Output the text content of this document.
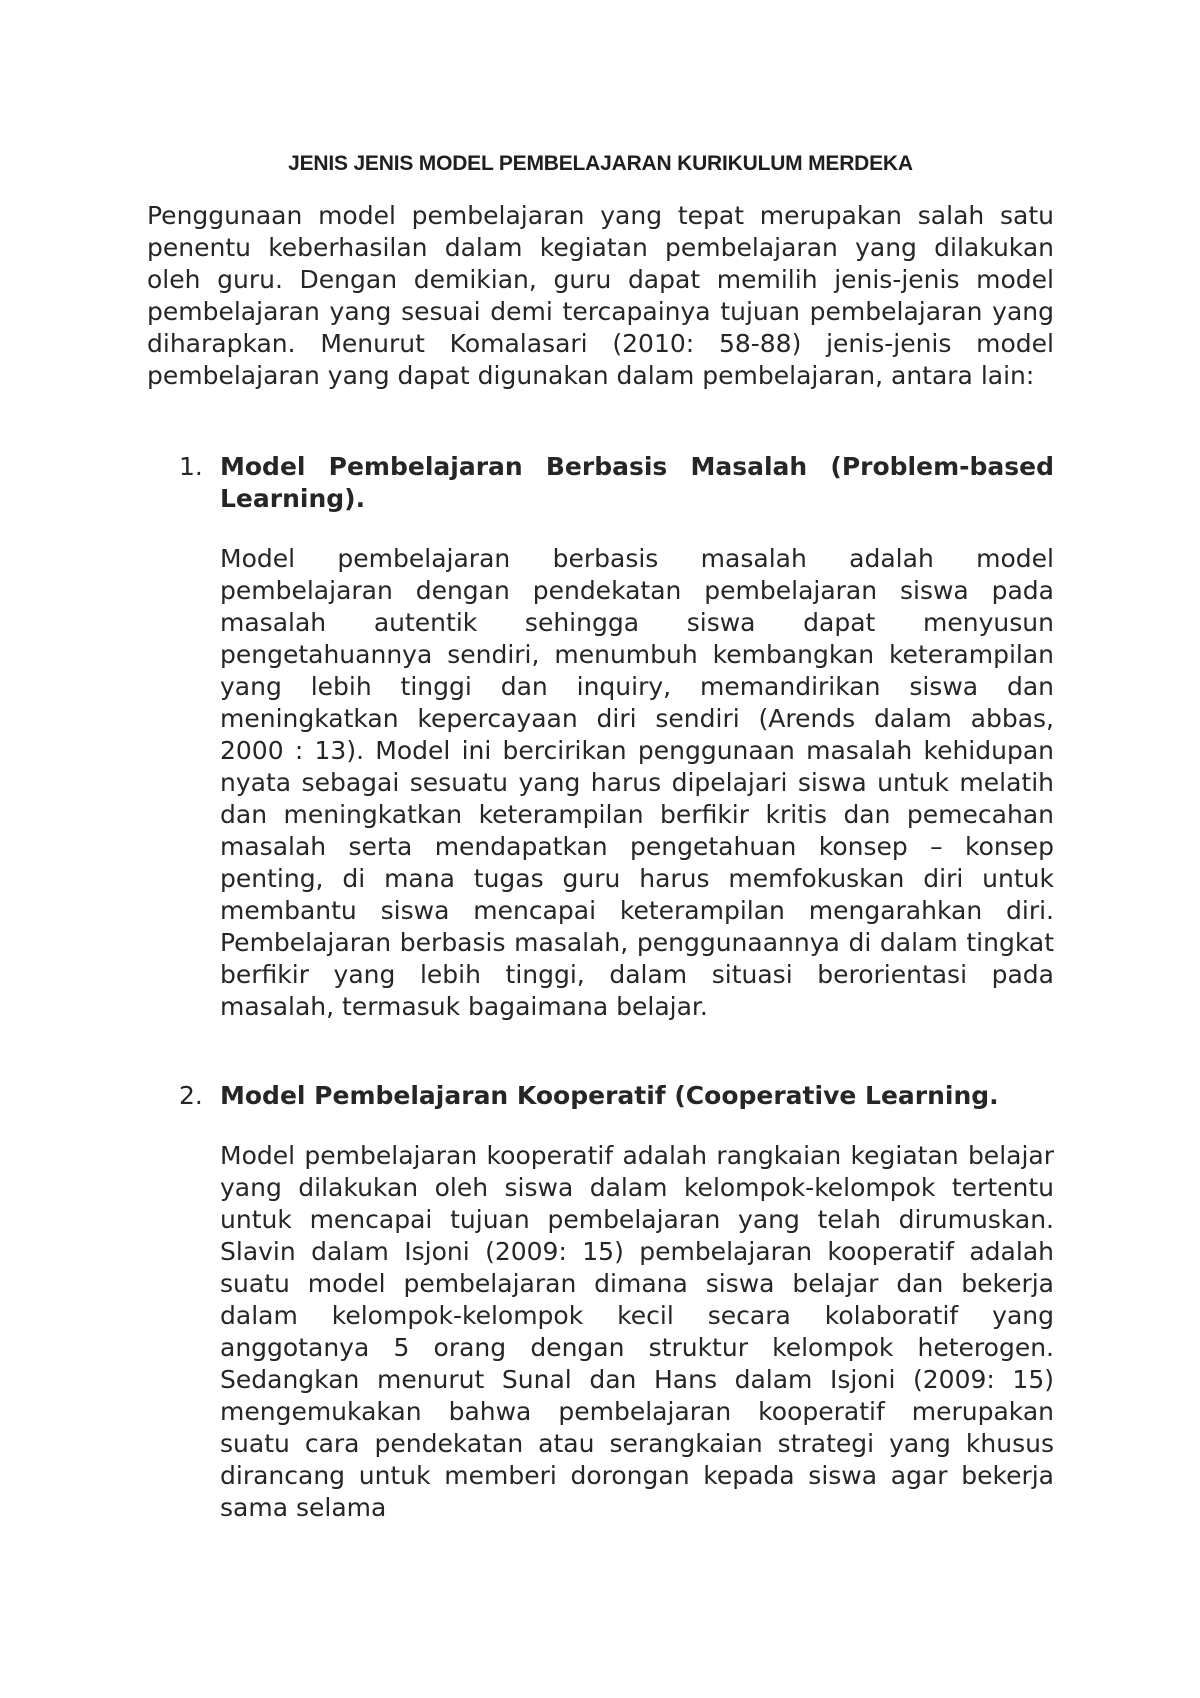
JENIS JENIS MODEL PEMBELAJARAN KURIKULUM MERDEKA

Penggunaan model pembelajaran yang tepat merupakan salah satu penentu keberhasilan dalam kegiatan pembelajaran yang dilakukan oleh guru. Dengan demikian, guru dapat memilih jenis-jenis model pembelajaran yang sesuai demi tercapainya tujuan pembelajaran yang diharapkan. Menurut Komalasari (2010: 58-88) jenis-jenis model pembelajaran yang dapat digunakan dalam pembelajaran, antara lain:

1. Model Pembelajaran Berbasis Masalah (Problem-based Learning).

Model pembelajaran berbasis masalah adalah model pembelajaran dengan pendekatan pembelajaran siswa pada masalah autentik sehingga siswa dapat menyusun pengetahuannya sendiri, menumbuh kembangkan keterampilan yang lebih tinggi dan inquiry, memandirikan siswa dan meningkatkan kepercayaan diri sendiri (Arends dalam abbas, 2000 : 13). Model ini bercirikan penggunaan masalah kehidupan nyata sebagai sesuatu yang harus dipelajari siswa untuk melatih dan meningkatkan keterampilan berfikir kritis dan pemecahan masalah serta mendapatkan pengetahuan konsep – konsep penting, di mana tugas guru harus memfokuskan diri untuk membantu siswa mencapai keterampilan mengarahkan diri. Pembelajaran berbasis masalah, penggunaannya di dalam tingkat berfikir yang lebih tinggi, dalam situasi berorientasi pada masalah, termasuk bagaimana belajar.

2. Model Pembelajaran Kooperatif (Cooperative Learning.

Model pembelajaran kooperatif adalah rangkaian kegiatan belajar yang dilakukan oleh siswa dalam kelompok-kelompok tertentu untuk mencapai tujuan pembelajaran yang telah dirumuskan. Slavin dalam Isjoni (2009: 15) pembelajaran kooperatif adalah suatu model pembelajaran dimana siswa belajar dan bekerja dalam kelompok-kelompok kecil secara kolaboratif yang anggotanya 5 orang dengan struktur kelompok heterogen. Sedangkan menurut Sunal dan Hans dalam Isjoni (2009: 15) mengemukakan bahwa pembelajaran kooperatif merupakan suatu cara pendekatan atau serangkaian strategi yang khusus dirancang untuk memberi dorongan kepada siswa agar bekerja sama selama
